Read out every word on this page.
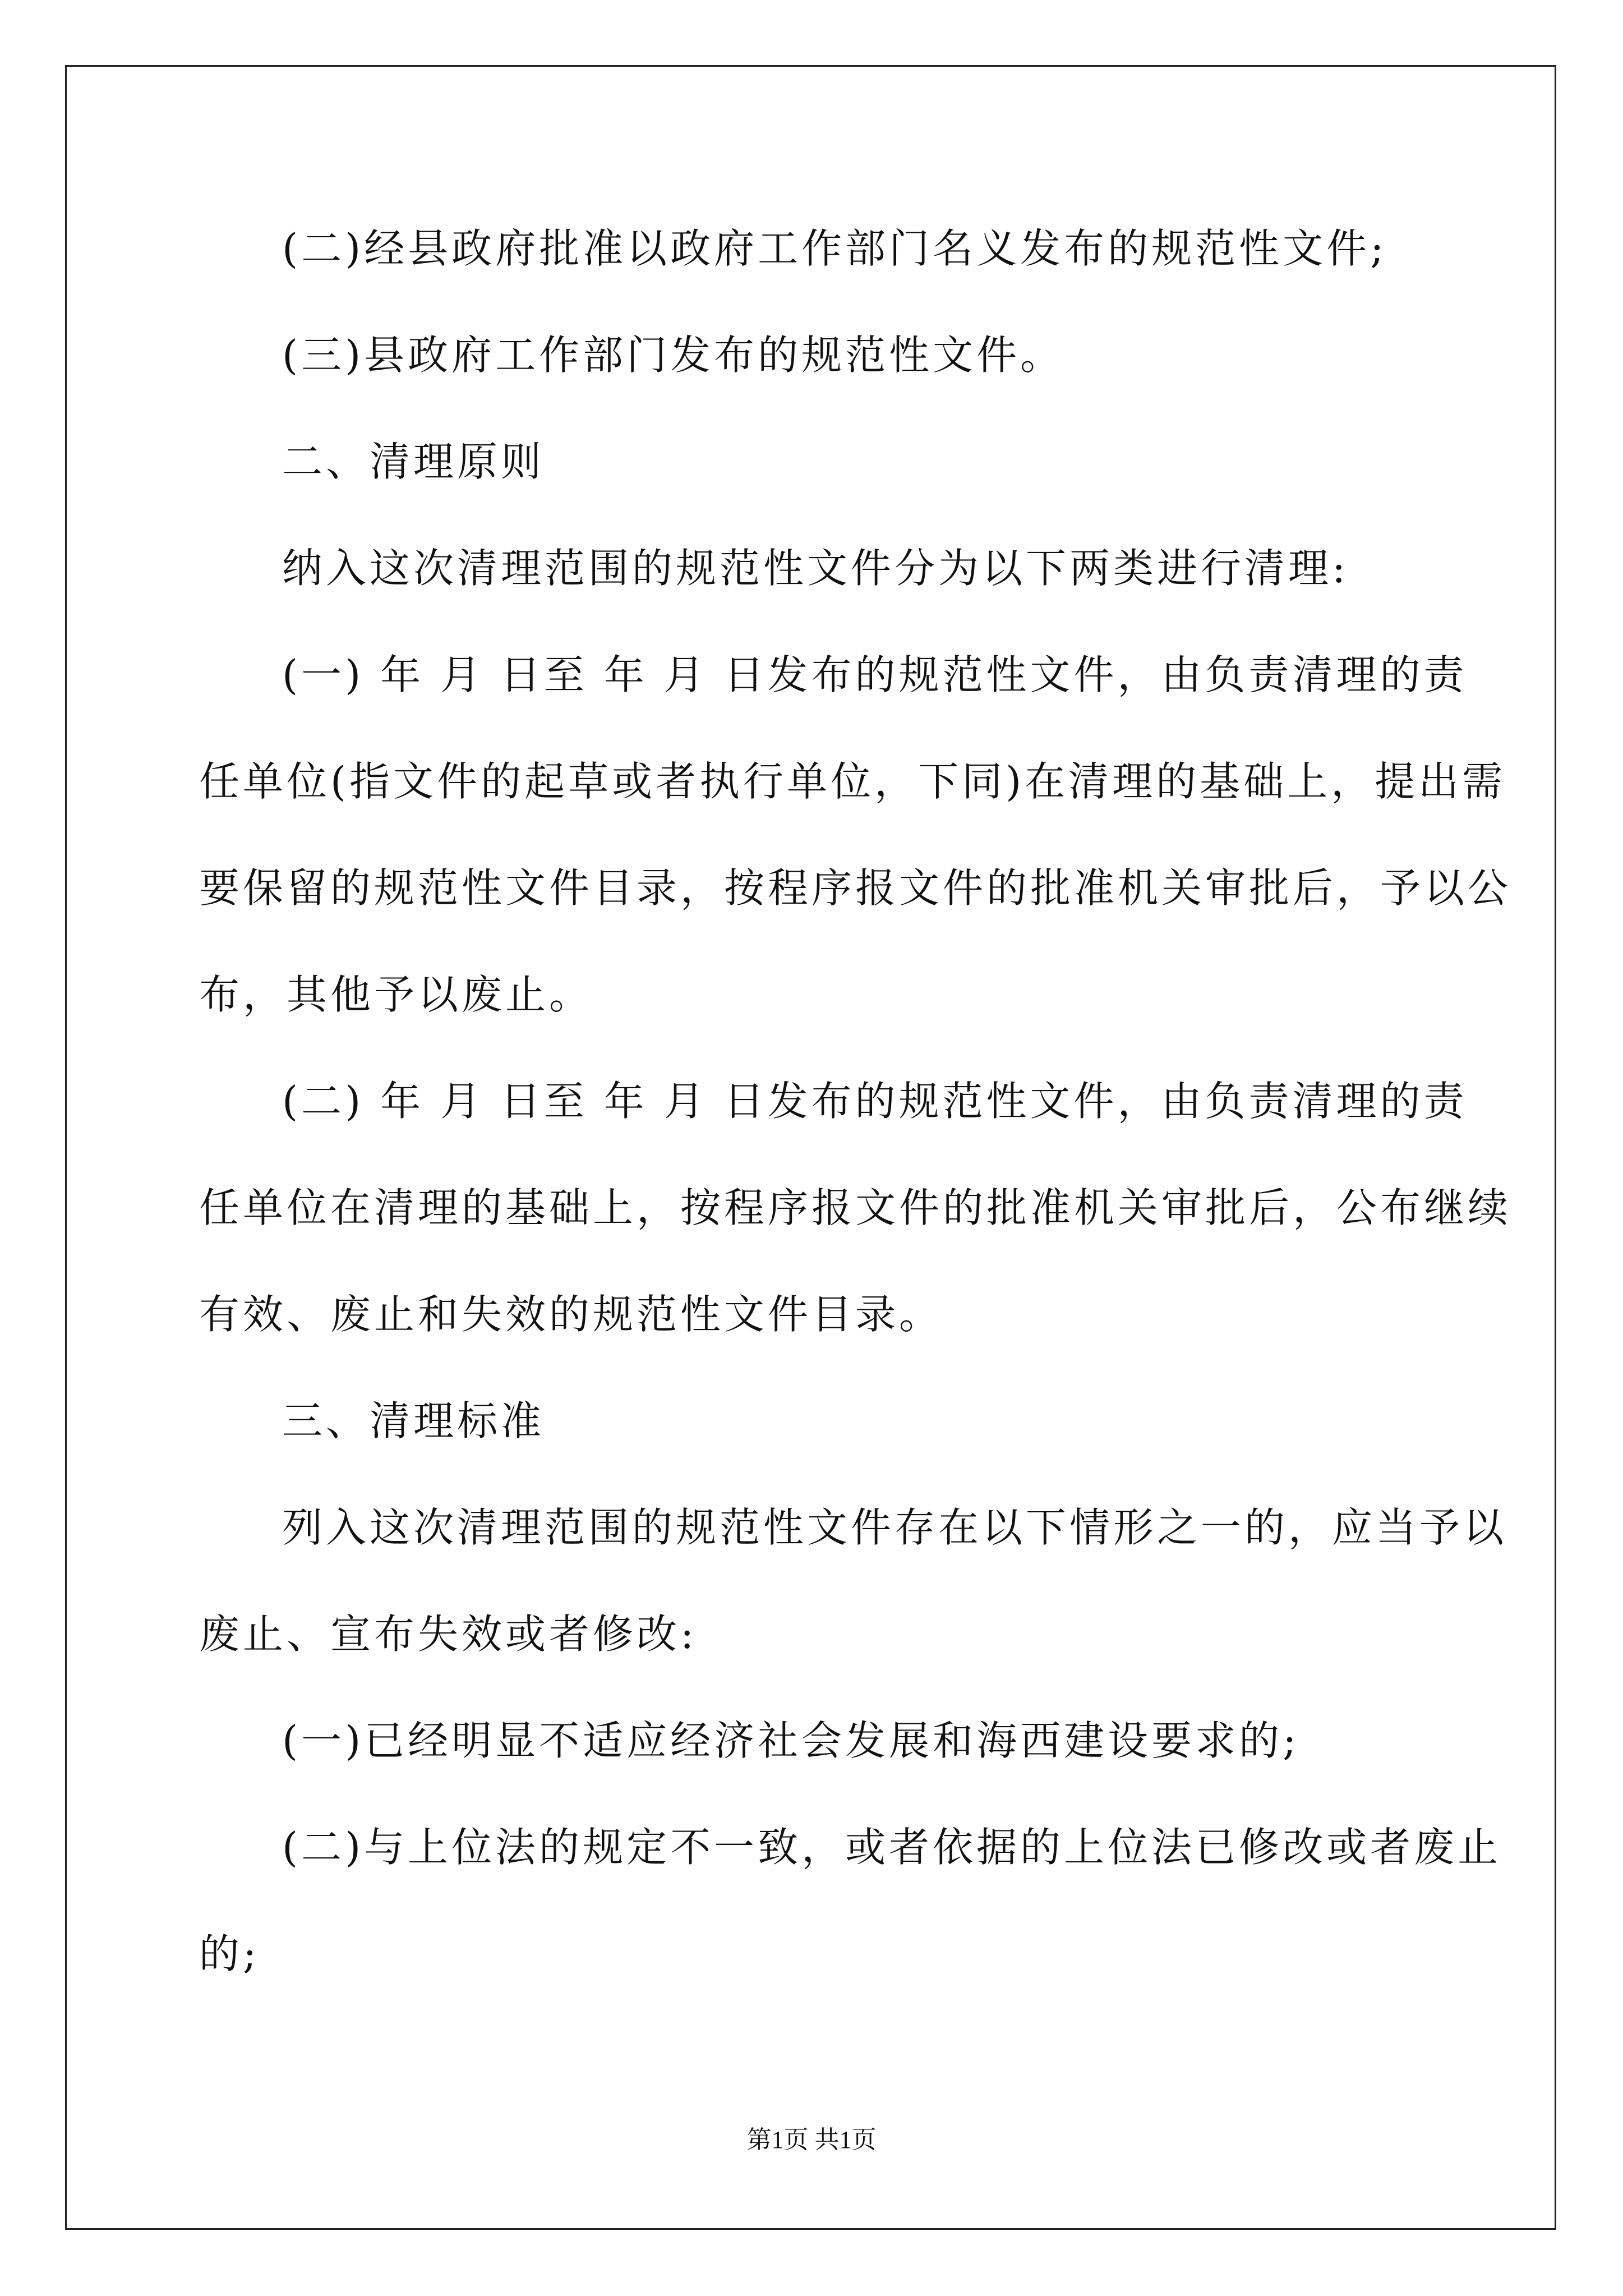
(二)经县政府批准以政府工作部门名义发布的规范性文件;
(三)县政府工作部门发布的规范性文件。
二、清理原则
纳入这次清理范围的规范性文件分为以下两类进行清理:
(一) 年 月 日至 年 月 日发布的规范性文件，由负责清理的责
任单位(指文件的起草或者执行单位，下同)在清理的基础上，提出需
要保留的规范性文件目录，按程序报文件的批准机关审批后，予以公
布，其他予以废止。
(二) 年 月 日至 年 月 日发布的规范性文件，由负责清理的责
任单位在清理的基础上，按程序报文件的批准机关审批后，公布继续
有效、废止和失效的规范性文件目录。
三、清理标准
列入这次清理范围的规范性文件存在以下情形之一的，应当予以
废止、宣布失效或者修改:
(一)已经明显不适应经济社会发展和海西建设要求的;
(二)与上位法的规定不一致，或者依据的上位法已修改或者废止
的;
第1页 共1页
